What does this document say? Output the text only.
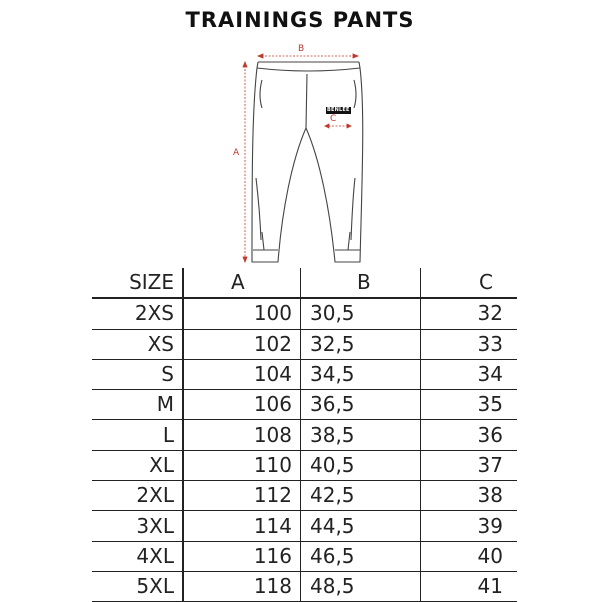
TRAININGS PANTS
B
A
C
BENLEE
SIZE	A	B	C
2XS	100	30,5	32
XS	102	32,5	33
S	104	34,5	34
M	106	36,5	35
L	108	38,5	36
XL	110	40,5	37
2XL	112	42,5	38
3XL	114	44,5	39
4XL	116	46,5	40
5XL	118	48,5	41
